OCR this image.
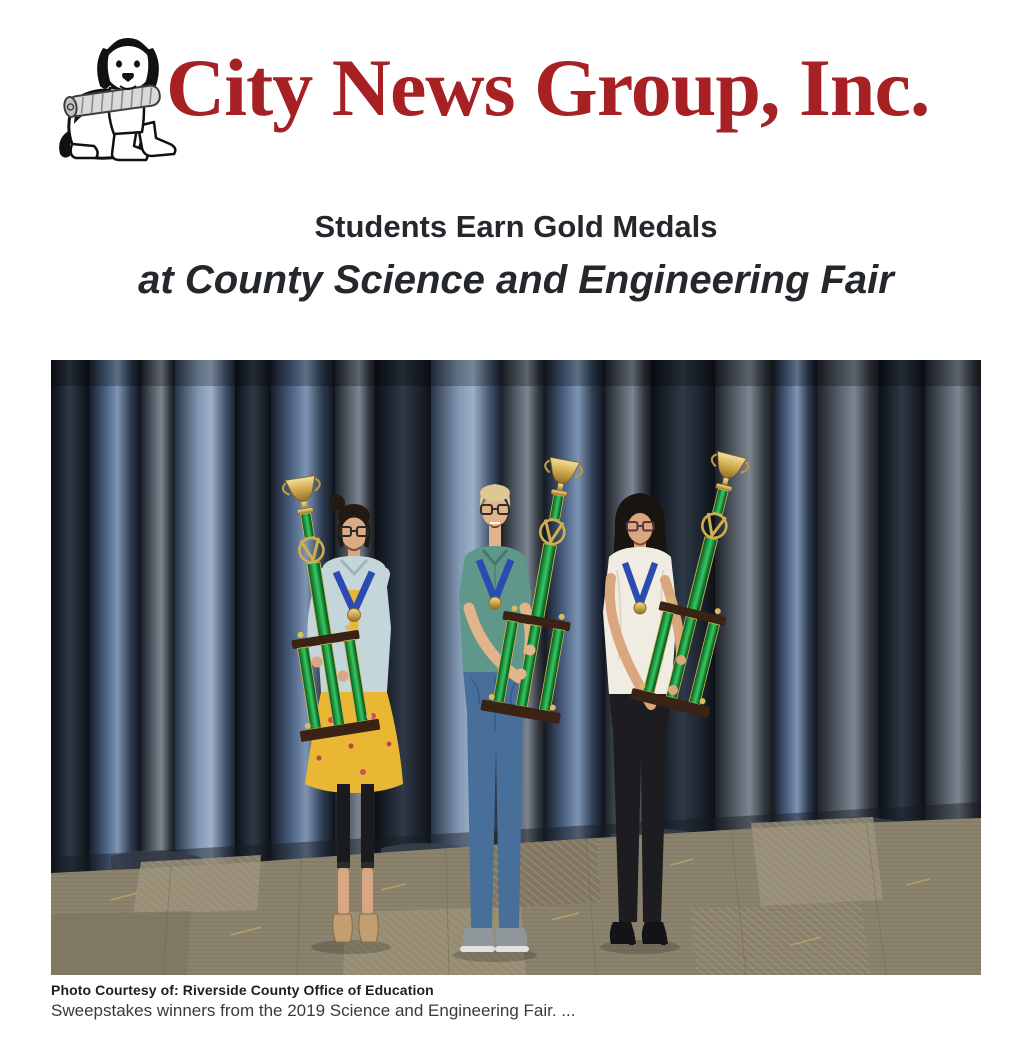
City News Group, Inc.
Students Earn Gold Medals
at County Science and Engineering Fair
Photo Courtesy of: Riverside County Office of Education
Sweepstakes winners from the 2019 Science and Engineering Fair. ...
